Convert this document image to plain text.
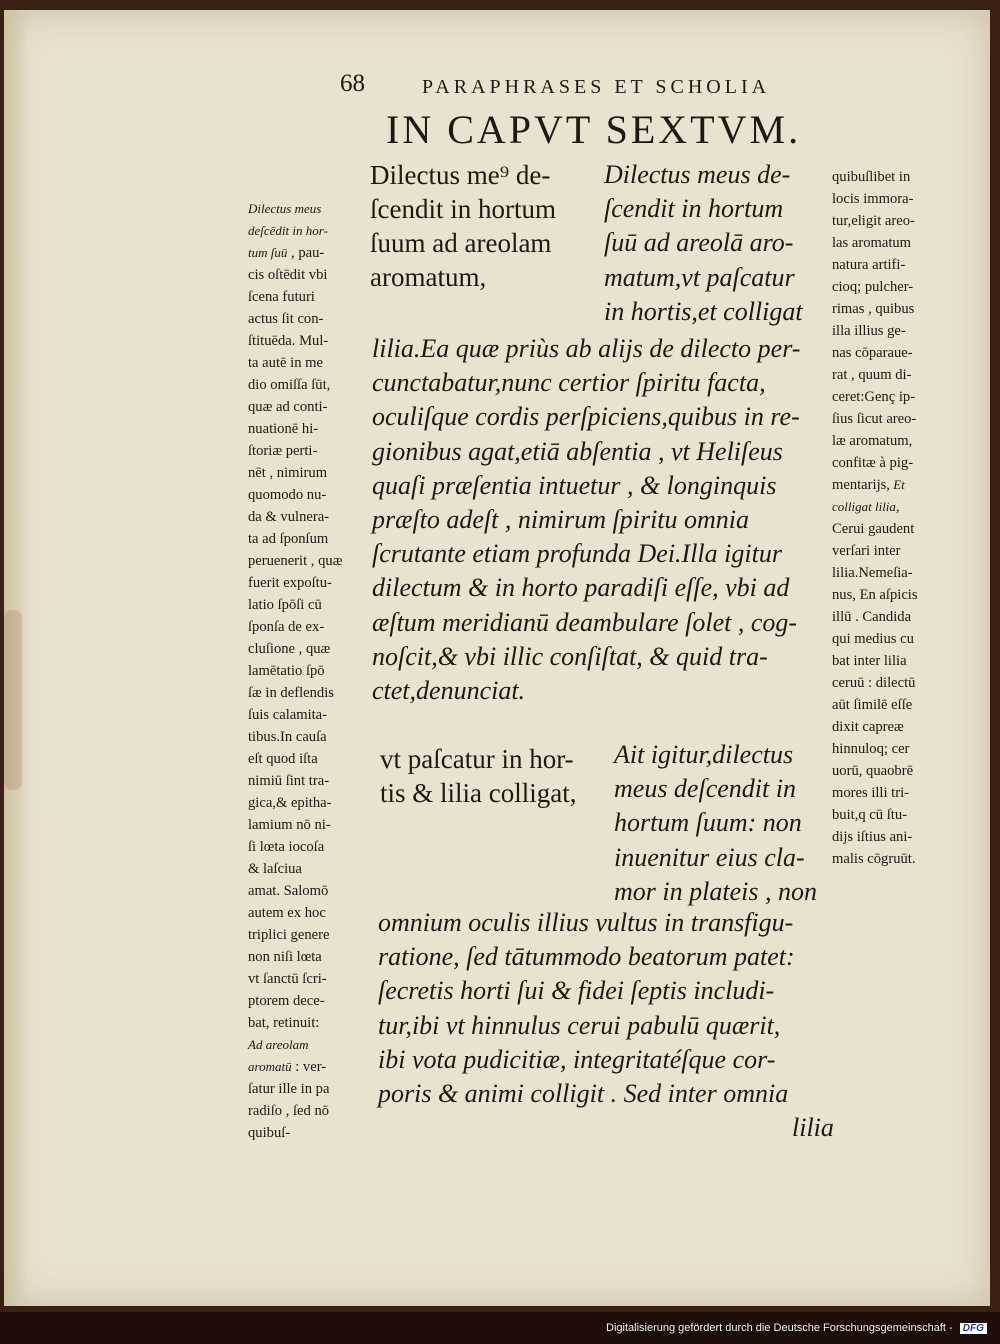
68	PARAPHRASES ET SCHOLIA
IN CAPVT SEXTVM.
Dilectus me⁹ de-
ſcendit in hortum
ſuum ad areolam
aromatum,
Dilectus meus de-
ſcendit in hortum
ſuū ad areolā aro-
matum,vt paſcatur
in hortis,et colligat
lilia.Ea quæ priùs ab alijs de dilecto per-
cunctabatur,nunc certior ſpiritu facta,
oculiſque cordis perſpiciens,quibus in re-
gionibus agat,etiā abſentia , vt Heliſeus
quaſi præſentia intuetur , & longinquis
præſto adeſt , nimirum ſpiritu omnia
ſcrutante etiam profunda Dei.Illa igitur
dilectum & in horto paradiſi eſſe, vbi ad
æſtum meridianū deambulare ſolet , cog-
noſcit,& vbi illic conſiſtat, & quid tra-
ctet,denunciat.
vt paſcatur in hor-
tis & lilia colligat,
Ait igitur,dilectus
meus deſcendit in
hortum ſuum: non
inuenitur eius cla-
mor in plateis , non
omnium oculis illius vultus in transfigu-
ratione, ſed tātummodo beatorum patet:
ſecretis horti ſui & fidei ſeptis includi-
tur,ibi vt hinnulus cerui pabulū quærit,
ibi vota pudicitiæ, integritatéſque cor-
poris & animi colligit . Sed inter omnia
lilia
Dilectus meus
deſcēdit in hor-
tum ſuū , pau-
cis oſtēdit vbi
ſcena futuri
actus ſit con-
ſtituēda. Mul-
ta autē in me
dio omiſſa ſūt,
quæ ad conti-
nuationē hi-
ſtoriæ perti-
nēt , nimirum
quomodo nu-
da & vulnera-
ta ad ſponſum
peruenerit , quæ
fuerit expoſtu-
latio ſpōſi cū
ſponſa de ex-
cluſione , quæ
lamētatio ſpō
ſæ in deflendis
ſuis calamita-
tibus.In cauſa
eſt quod iſta
nimiū ſint tra-
gica,& epitha-
lamium nō ni-
ſi lœta iocoſa
& laſciua
amat. Salomō
autem ex hoc
triplici genere
non niſi lœta
vt ſanctū ſcri-
ptorem dece-
bat, retinuit:
Ad areolam
aromatū : ver-
ſatur ille in pa
radiſo , ſed nō
quibuſ-
quibuſlibet in
locis immora-
tur,eligit areo-
las aromatum
natura artifi-
cioq; pulcher-
rimas , quibus
illa illius ge-
nas cōparaue-
rat , quum di-
ceret:Genç ip-
ſius ſicut areo-
læ aromatum,
confitæ à pig-
mentarijs, Et
colligat lilia,
Cerui gaudent
verſari inter
lilia.Nemeſia-
nus, En aſpicis
illū . Candida
qui medius cu
bat inter lilia
ceruū : dilectū
aūt ſimilē eſſe
dixit capreæ
hinnuloq; cer
uorū, quaobrē
mores illi tri-
buit,q cū ſtu-
dijs iſtius ani-
malis cōgruūt.
Digitalisierung gefördert durch die Deutsche Forschungsgemeinschaft - DFG
